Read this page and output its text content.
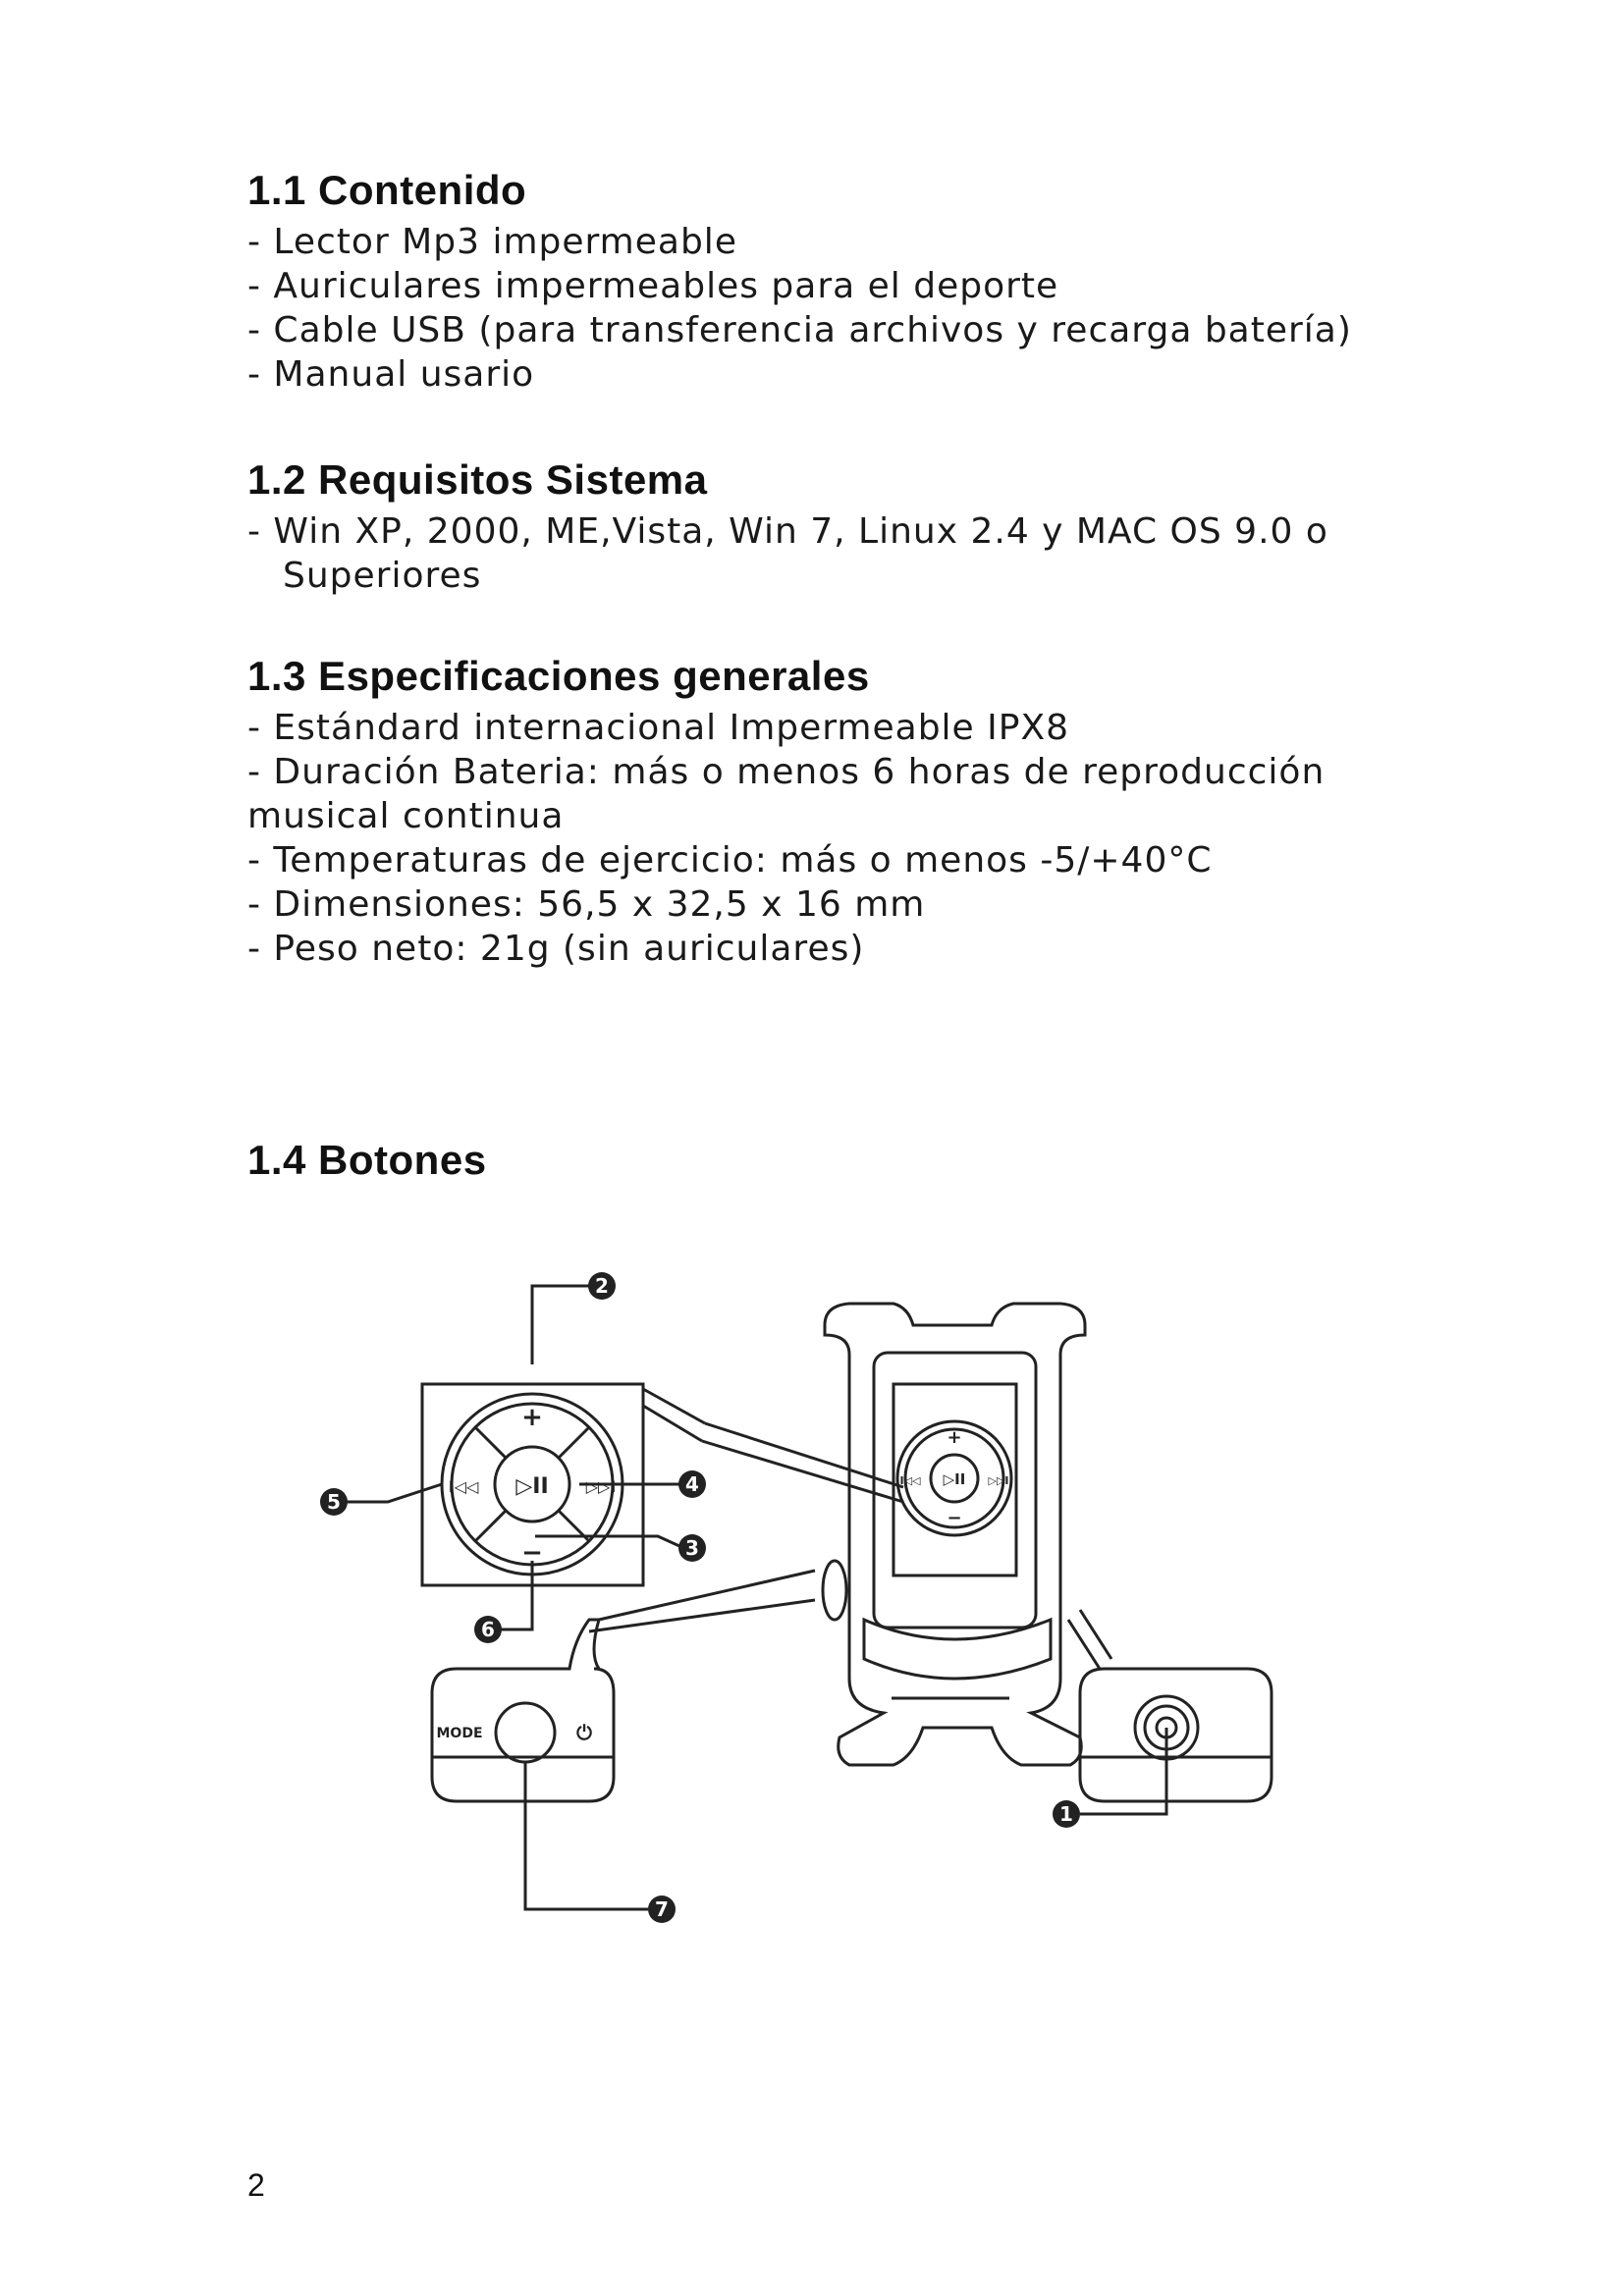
1.1 Contenido

- Lector Mp3 impermeable

- Auriculares impermeables para el deporte

- Cable USB (para transferencia archivos y recarga batería)

- Manual usario

1.2 Requisitos Sistema

- Win XP, 2000, ME,Vista, Win 7, Linux 2.4 y MAC OS 9.0 o

Superiores

1.3 Especificaciones generales

- Estándard internacional Impermeable IPX8

- Duración Bateria: más o menos 6 horas de reproducción

musical continua

- Temperaturas de ejercicio: más o menos -5/+40°C

- Dimensiones: 56,5 x 32,5 x 16 mm

- Peso neto: 21g (sin auriculares)

1.4 Botones
+
−
▷II
I◁◁	▷▷I
+
−
▷II
I◁◁	▷▷I
MODE	⏻
2
5
4
3
6
1
7
2
